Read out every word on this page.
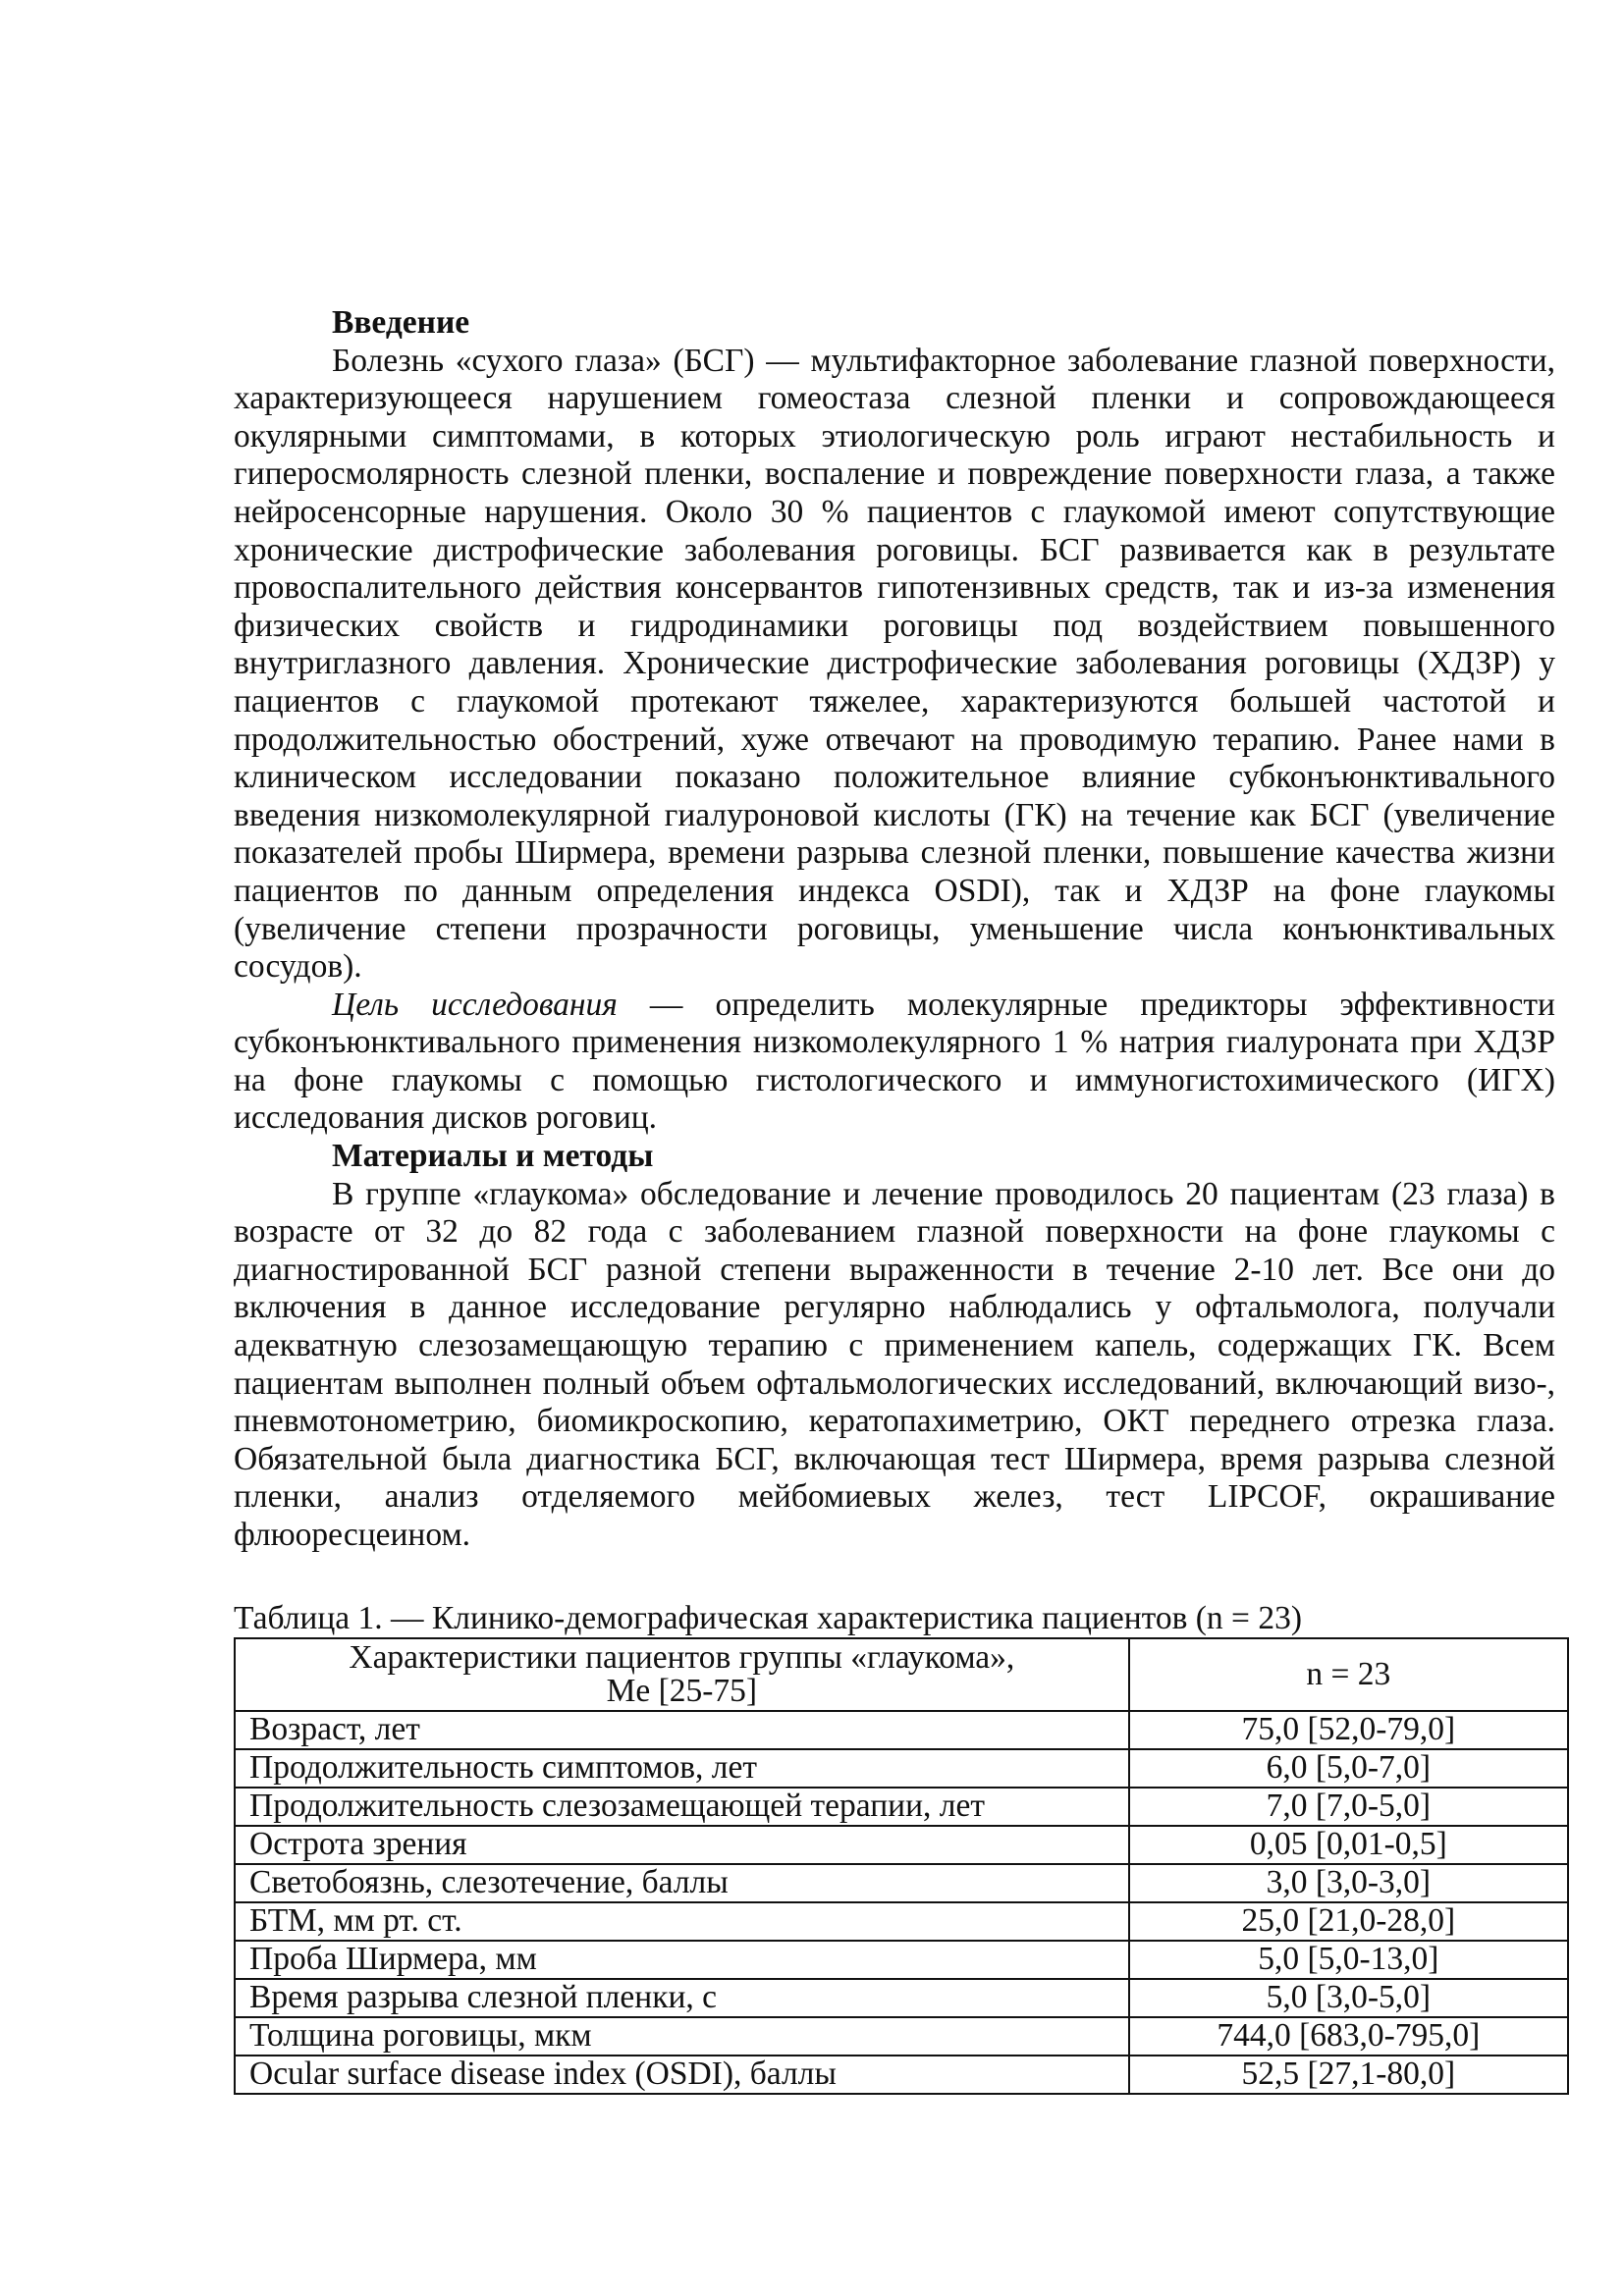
Введение

Болезнь «сухого глаза» (БСГ) — мультифакторное заболевание глазной поверхности, характеризующееся нарушением гомеостаза слезной пленки и сопровождающееся окулярными симптомами, в которых этиологическую роль играют нестабильность и гиперосмолярность слезной пленки, воспаление и повреждение поверхности глаза, а также нейросенсорные нарушения. Около 30 % пациентов с глаукомой имеют сопутствующие хронические дистрофические заболевания роговицы. БСГ развивается как в результате провоспалительного действия консервантов гипотензивных средств, так и из-за изменения физических свойств и гидродинамики роговицы под воздействием повышенного внутриглазного давления. Хронические дистрофические заболевания роговицы (ХДЗР) у пациентов с глаукомой протекают тяжелее, характеризуются большей частотой и продолжительностью обострений, хуже отвечают на проводимую терапию. Ранее нами в клиническом исследовании показано положительное влияние субконъюнктивального введения низкомолекулярной гиалуроновой кислоты (ГК) на течение как БСГ (увеличение показателей пробы Ширмера, времени разрыва слезной пленки, повышение качества жизни пациентов по данным определения индекса OSDI), так и ХДЗР на фоне глаукомы (увеличение степени прозрачности роговицы, уменьшение числа конъюнктивальных сосудов).

Цель исследования — определить молекулярные предикторы эффективности субконъюнктивального применения низкомолекулярного 1 % натрия гиалуроната при ХДЗР на фоне глаукомы с помощью гистологического и иммуногистохимического (ИГХ) исследования дисков роговиц.

Материалы и методы

В группе «глаукома» обследование и лечение проводилось 20 пациентам (23 глаза) в возрасте от 32 до 82 года с заболеванием глазной поверхности на фоне глаукомы с диагностированной БСГ разной степени выраженности в течение 2-10 лет. Все они до включения в данное исследование регулярно наблюдались у офтальмолога, получали адекватную слезозамещающую терапию с применением капель, содержащих ГК. Всем пациентам выполнен полный объем офтальмологических исследований, включающий визо-, пневмотонометрию, биомикроскопию, кератопахиметрию, ОКТ переднего отрезка глаза. Обязательной была диагностика БСГ, включающая тест Ширмера, время разрыва слезной пленки, анализ отделяемого мейбомиевых желез, тест LIPCOF, окрашивание флюоресцеином.

Таблица 1. — Клинико-демографическая характеристика пациентов (n = 23)

Характеристики пациентов группы «глаукома»,
Me [25-75]	n = 23
Возраст, лет	75,0 [52,0-79,0]
Продолжительность симптомов, лет	6,0 [5,0-7,0]
Продолжительность слезозамещающей терапии, лет	7,0 [7,0-5,0]
Острота зрения	0,05 [0,01-0,5]
Светобоязнь, слезотечение, баллы	3,0 [3,0-3,0]
БТМ, мм рт. ст.	25,0 [21,0-28,0]
Проба Ширмера, мм	5,0 [5,0-13,0]
Время разрыва слезной пленки, с	5,0 [3,0-5,0]
Толщина роговицы, мкм	744,0 [683,0-795,0]
Ocular surface disease index (OSDI), баллы	52,5 [27,1-80,0]
